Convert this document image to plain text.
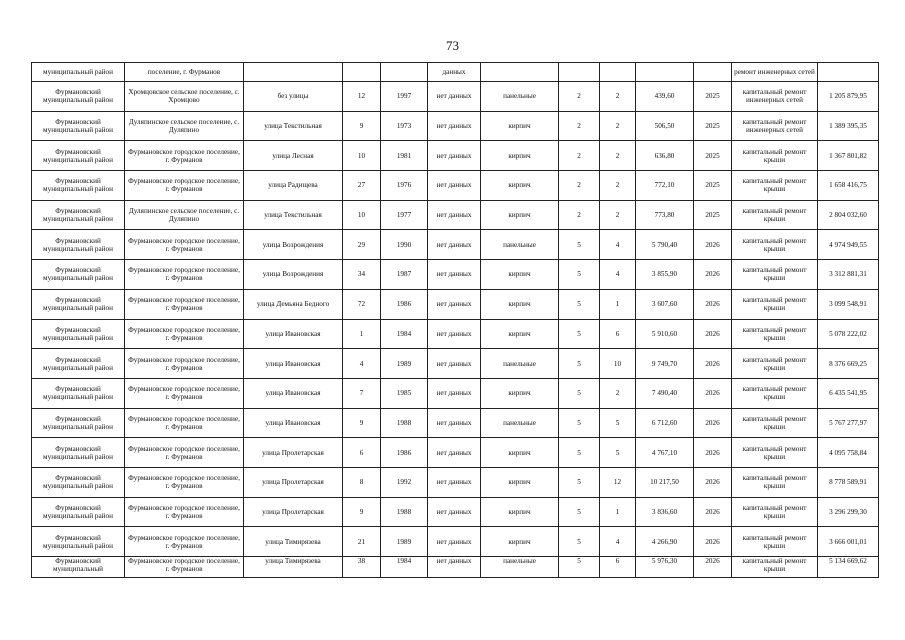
73
муниципальный район	поселение, г. Фурманов				данных						ремонт инженерных сетей	
Фурмановский муниципальный район	Хромцовское сельское поселение, с. Хромцово	без улицы	12	1997	нет данных	панельные	2	2	439,60	2025	капитальный ремонт инженерных сетей	1 205 879,95
Фурмановский муниципальный район	Дуляпинское сельское поселение, с. Дуляпино	улица Текстильная	9	1973	нет данных	кирпич	2	2	506,50	2025	капитальный ремонт инженерных сетей	1 389 395,35
Фурмановский муниципальный район	Фурмановское городское поселение, г. Фурманов	улица Лесная	10	1981	нет данных	кирпич	2	2	636,80	2025	капитальный ремонт крыши	1 367 801,82
Фурмановский муниципальный район	Фурмановское городское поселение, г. Фурманов	улица Радищева	27	1976	нет данных	кирпич	2	2	772,10	2025	капитальный ремонт крыши	1 658 416,75
Фурмановский муниципальный район	Дуляпинское сельское поселение, с. Дуляпино	улица Текстильная	10	1977	нет данных	кирпич	2	2	773,80	2025	капитальный ремонт крыши	2 804 032,60
Фурмановский муниципальный район	Фурмановское городское поселение, г. Фурманов	улица Возрождения	29	1990	нет данных	панельные	5	4	5 790,40	2026	капитальный ремонт крыши	4 974 949,55
Фурмановский муниципальный район	Фурмановское городское поселение, г. Фурманов	улица Возрождения	34	1987	нет данных	кирпич	5	4	3 855,90	2026	капитальный ремонт крыши	3 312 881,31
Фурмановский муниципальный район	Фурмановское городское поселение, г. Фурманов	улица Демьяна Бедного	72	1986	нет данных	кирпич	5	1	3 607,60	2026	капитальный ремонт крыши	3 099 548,91
Фурмановский муниципальный район	Фурмановское городское поселение, г. Фурманов	улица Ивановская	1	1984	нет данных	кирпич	5	6	5 910,60	2026	капитальный ремонт крыши	5 078 222,02
Фурмановский муниципальный район	Фурмановское городское поселение, г. Фурманов	улица Ивановская	4	1989	нет данных	панельные	5	10	9 749,70	2026	капитальный ремонт крыши	8 376 669,25
Фурмановский муниципальный район	Фурмановское городское поселение, г. Фурманов	улица Ивановская	7	1985	нет данных	кирпич	5	2	7 490,40	2026	капитальный ремонт крыши	6 435 541,95
Фурмановский муниципальный район	Фурмановское городское поселение, г. Фурманов	улица Ивановская	9	1988	нет данных	панельные	5	5	6 712,60	2026	капитальный ремонт крыши	5 767 277,97
Фурмановский муниципальный район	Фурмановское городское поселение, г. Фурманов	улица Пролетарская	6	1986	нет данных	кирпич	5	5	4 767,10	2026	капитальный ремонт крыши	4 095 758,84
Фурмановский муниципальный район	Фурмановское городское поселение, г. Фурманов	улица Пролетарская	8	1992	нет данных	кирпич	5	12	10 217,50	2026	капитальный ремонт крыши	8 778 589,91
Фурмановский муниципальный район	Фурмановское городское поселение, г. Фурманов	улица Пролетарская	9	1988	нет данных	кирпич	5	1	3 836,60	2026	капитальный ремонт крыши	3 296 299,30
Фурмановский муниципальный район	Фурмановское городское поселение, г. Фурманов	улица Тимирязева	21	1989	нет данных	кирпич	5	4	4 266,90	2026	капитальный ремонт крыши	3 666 001,01
Фурмановский муниципальный	Фурмановское городское поселение, г. Фурманов	улица Тимирязева	38	1984	нет данных	панельные	5	6	5 976,30	2026	капитальный ремонт крыши	5 134 669,62
